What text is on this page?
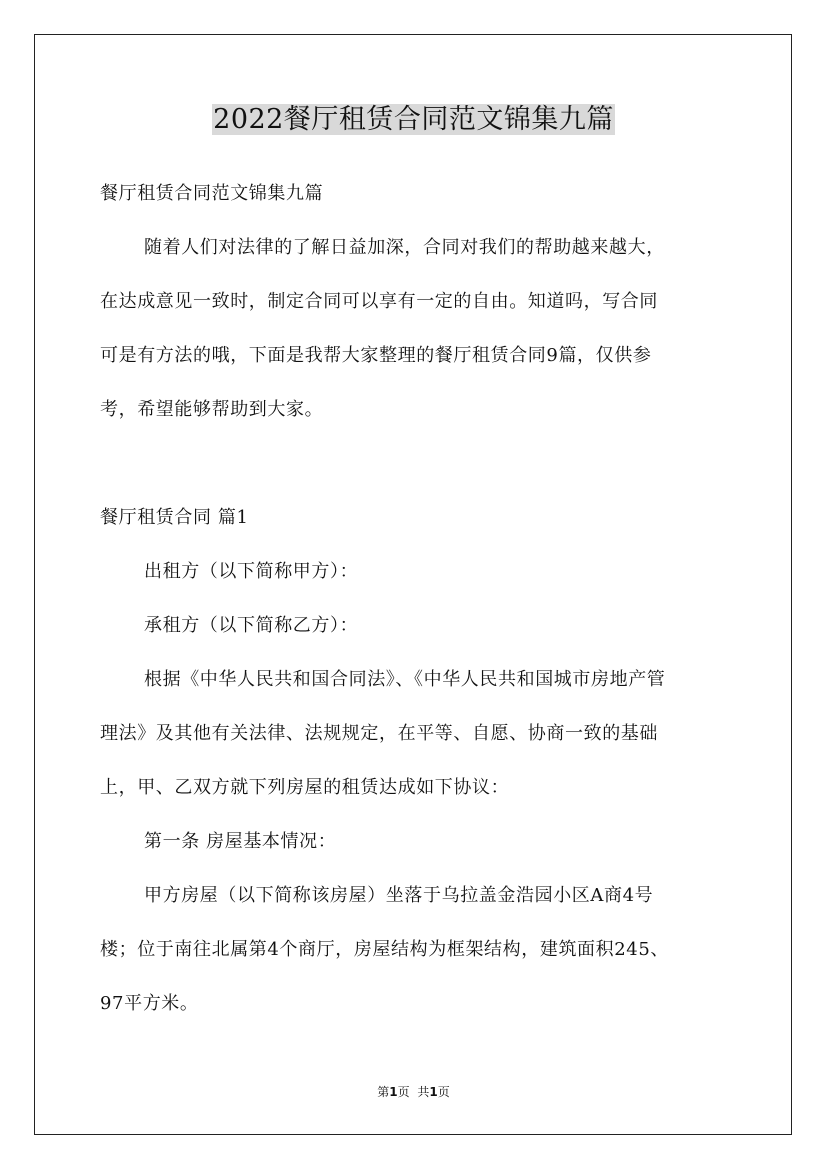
2022餐厅租赁合同范文锦集九篇
餐厅租赁合同范文锦集九篇
随着人们对法律的了解日益加深，合同对我们的帮助越来越大，
在达成意见一致时，制定合同可以享有一定的自由。知道吗，写合同
可是有方法的哦，下面是我帮大家整理的餐厅租赁合同9篇，仅供参
考，希望能够帮助到大家。
餐厅租赁合同 篇1
出租方（以下简称甲方）：
承租方（以下简称乙方）：
根据《中华人民共和国合同法》、《中华人民共和国城市房地产管
理法》及其他有关法律、法规规定，在平等、自愿、协商一致的基础
上，甲、乙双方就下列房屋的租赁达成如下协议：
第一条 房屋基本情况：
甲方房屋（以下简称该房屋）坐落于乌拉盖金浩园小区A商4号
楼；位于南往北属第4个商厅，房屋结构为框架结构，建筑面积245、
97平方米。
第1页 共1页
